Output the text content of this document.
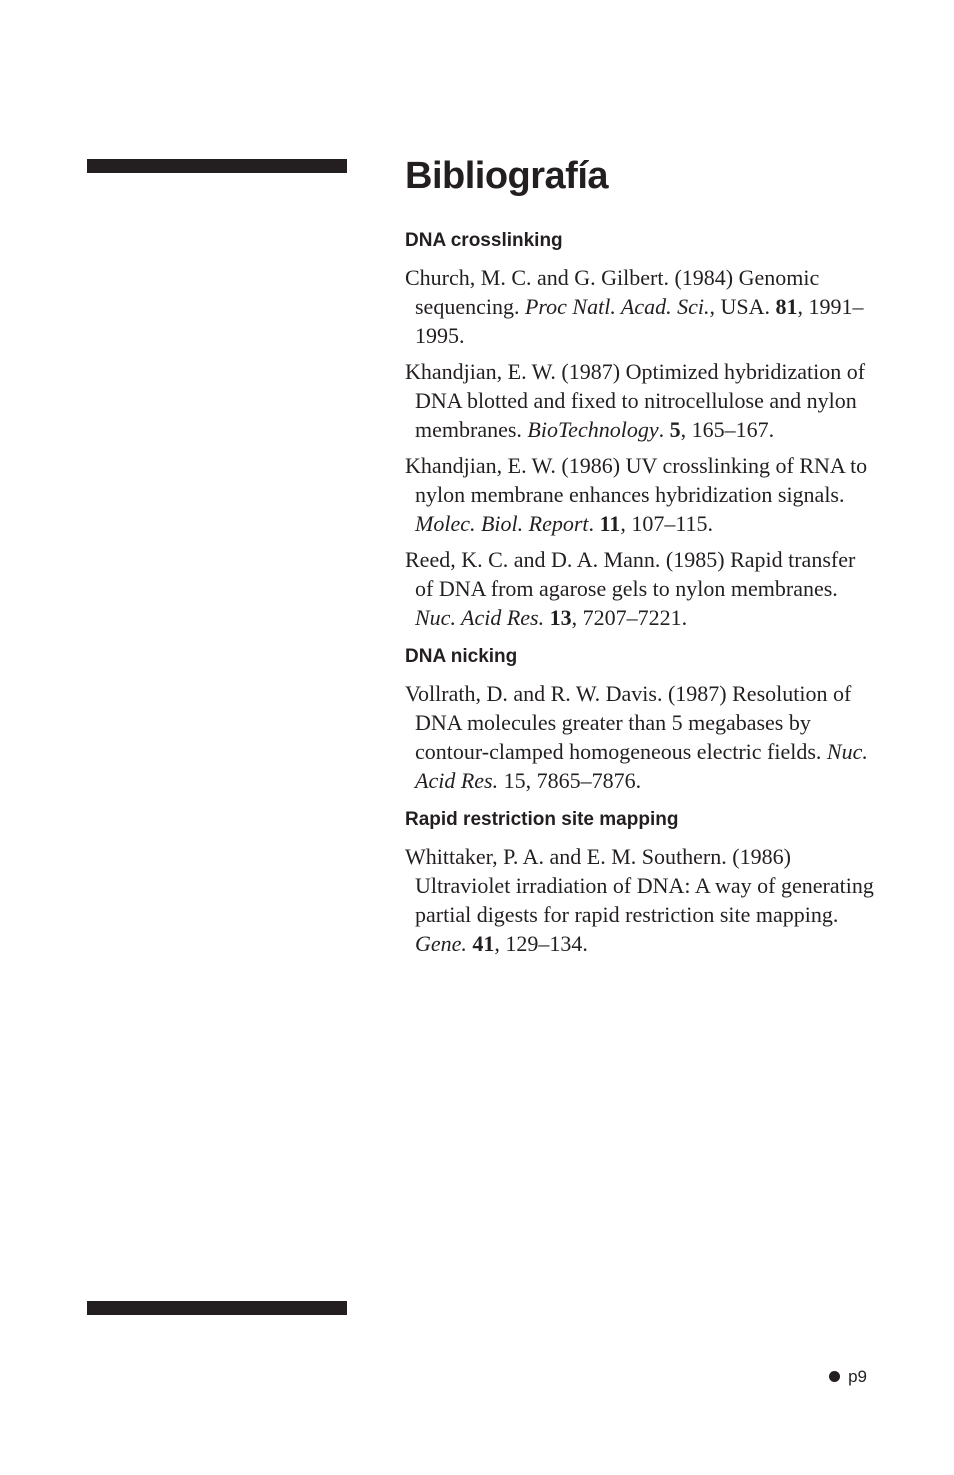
Bibliografía
DNA crosslinking

Church, M. C. and G. Gilbert. (1984) Genomic sequencing. Proc Natl. Acad. Sci., USA. 81, 1991–1995.

Khandjian, E. W. (1987) Optimized hybridization of DNA blotted and fixed to nitrocellulose and nylon membranes. BioTechnology. 5, 165–167.

Khandjian, E. W. (1986) UV crosslinking of RNA to nylon membrane enhances hybridization signals. Molec. Biol. Report. 11, 107–115.

Reed, K. C. and D. A. Mann. (1985) Rapid transfer of DNA from agarose gels to nylon membranes. Nuc. Acid Res. 13, 7207–7221.

DNA nicking

Vollrath, D. and R. W. Davis. (1987) Resolution of DNA molecules greater than 5 megabases by contour-clamped homogeneous electric fields. Nuc. Acid Res. 15, 7865–7876.

Rapid restriction site mapping

Whittaker, P. A. and E. M. Southern. (1986) Ultraviolet irradiation of DNA: A way of generating partial digests for rapid restriction site mapping. Gene. 41, 129–134.

p9
